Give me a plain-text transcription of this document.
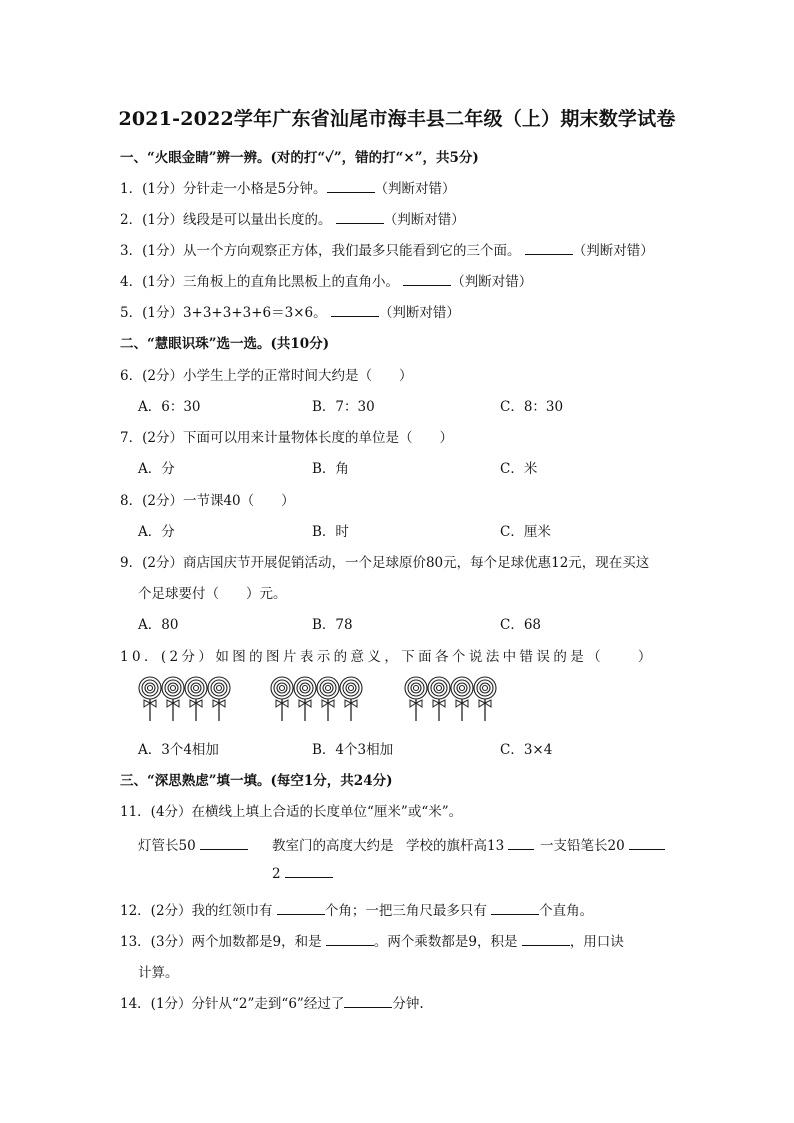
2021-2022学年广东省汕尾市海丰县二年级（上）期末数学试卷
一、“火眼金睛”辨一辨。(对的打“✓”，错的打“×”，共5分)
1．(1分）分针走一小格是5分钟。	（判断对错）
2．(1分）线段是可以量出长度的。	（判断对错）
3．(1分）从一个方向观察正方体，我们最多只能看到它的三个面。	（判断对错）
4．(1分）三角板上的直角比黑板上的直角小。	（判断对错）
5．(1分）3+3+3+3+6＝3×6。	（判断对错）
二、“慧眼识珠”选一选。(共10分)
6．(2分）小学生上学的正常时间大约是（　　）
A．6：30	B．7：30	C．8：30
7．(2分）下面可以用来计量物体长度的单位是（　　）
A．分	B．角	C．米
8．(2分）一节课40（　　）
A．分	B．时	C．厘米
9．(2分）商店国庆节开展促销活动，一个足球原价80元，每个足球优惠12元，现在买这
个足球要付（　　）元。
A．80	B．78	C．68
10．(2分）如图的图片表示的意义，下面各个说法中错误的是（　　）
A．3个4相加	B．4个3相加	C．3×4
三、“深思熟虑”填一填。(每空1分，共24分)
11．(4分）在横线上填上合适的长度单位“厘米”或“米”。
灯管长50	教室门的高度大约是 学校的旗杆高13	一支铅笔长20
2
12．(2分）我的红领巾有	个角；一把三角尺最多只有	个直角。
13．(3分）两个加数都是9，和是	。两个乘数都是9，积是	，用口诀
计算。
14．(1分）分针从“2”走到“6”经过了	分钟.
